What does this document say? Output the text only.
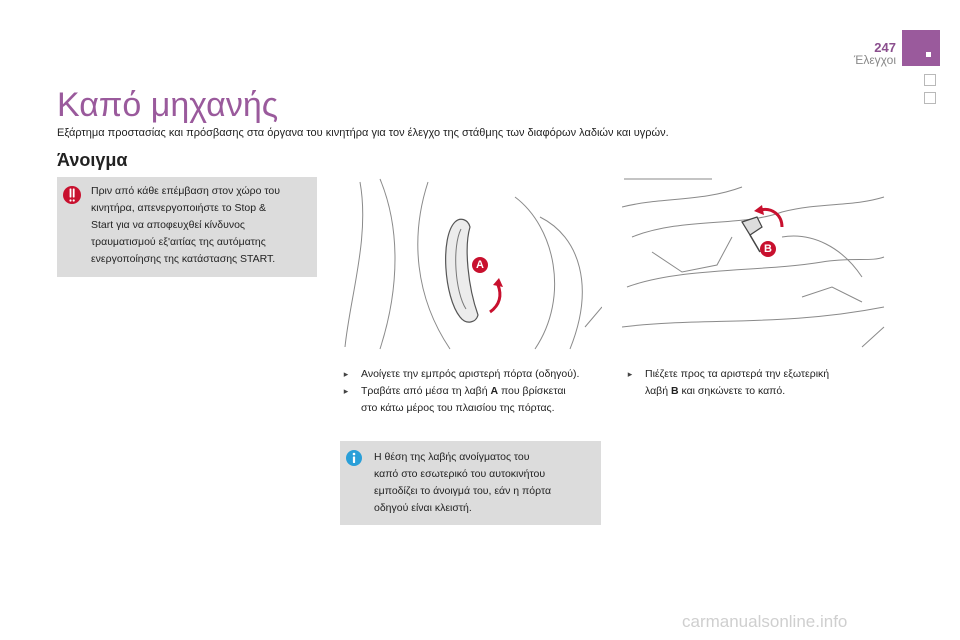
247
Έλεγχοι
Καπό μηχανής
Εξάρτημα προστασίας και πρόσβασης στα όργανα του κινητήρα για τον έλεγχο της στάθμης των διαφόρων λαδιών και υγρών.
Άνοιγμα
Πριν από κάθε επέμβαση στον χώρο του
κινητήρα, απενεργοποιήστε το Stop &
Start για να αποφευχθεί κίνδυνος
τραυματισμού εξ'αιτίας της αυτόματης
ενεργοποίησης της κατάστασης START.	A
B
▸	Ανοίγετε την εμπρός αριστερή πόρτα (οδηγού).
▸	Τραβάτε από μέσα τη λαβή A που βρίσκεται
στο κάτω μέρος του πλαισίου της πόρτας.
▸	Πιέζετε προς τα αριστερά την εξωτερική
λαβή B και σηκώνετε το καπό.
Η θέση της λαβής ανοίγματος του
καπό στο εσωτερικό του αυτοκινήτου
εμποδίζει το άνοιγμά του, εάν η πόρτα
οδηγού είναι κλειστή.
carmanualsonline.info
